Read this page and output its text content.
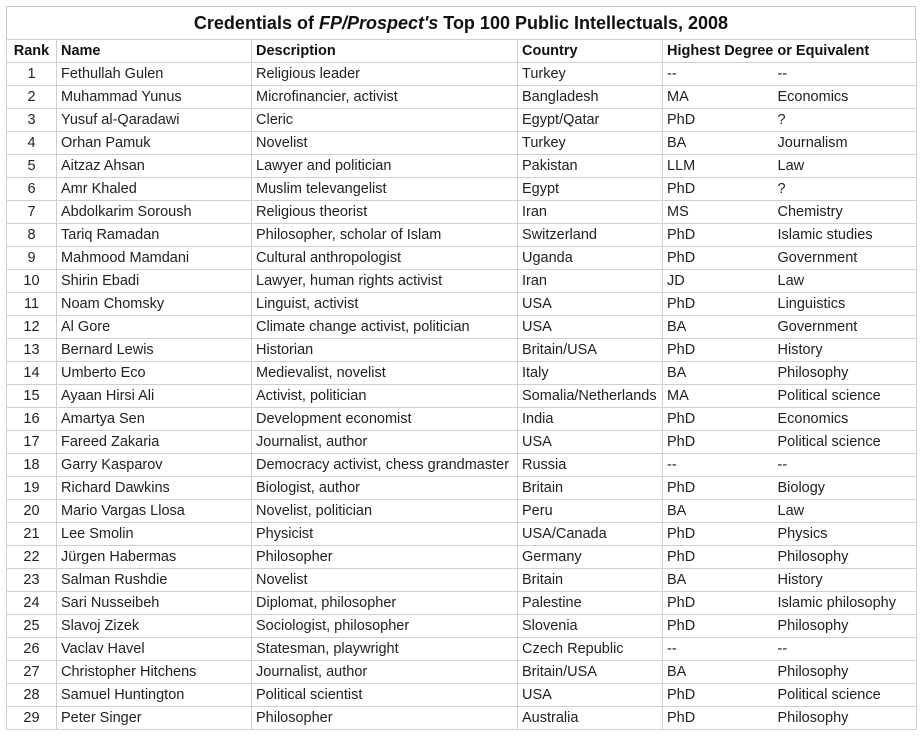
Credentials of FP/Prospect's Top 100 Public Intellectuals, 2008
Rank	Name	Description	Country	Highest Degree or Equivalent	
1	Fethullah Gulen	Religious leader	Turkey	--	--
2	Muhammad Yunus	Microfinancier, activist	Bangladesh	MA	Economics
3	Yusuf al-Qaradawi	Cleric	Egypt/Qatar	PhD	?
4	Orhan Pamuk	Novelist	Turkey	BA	Journalism
5	Aitzaz Ahsan	Lawyer and politician	Pakistan	LLM	Law
6	Amr Khaled	Muslim televangelist	Egypt	PhD	?
7	Abdolkarim Soroush	Religious theorist	Iran	MS	Chemistry
8	Tariq Ramadan	Philosopher, scholar of Islam	Switzerland	PhD	Islamic studies
9	Mahmood Mamdani	Cultural anthropologist	Uganda	PhD	Government
10	Shirin Ebadi	Lawyer, human rights activist	Iran	JD	Law
11	Noam Chomsky	Linguist, activist	USA	PhD	Linguistics
12	Al Gore	Climate change activist, politician	USA	BA	Government
13	Bernard Lewis	Historian	Britain/USA	PhD	History
14	Umberto Eco	Medievalist, novelist	Italy	BA	Philosophy
15	Ayaan Hirsi Ali	Activist, politician	Somalia/Netherlands	MA	Political science
16	Amartya Sen	Development economist	India	PhD	Economics
17	Fareed Zakaria	Journalist, author	USA	PhD	Political science
18	Garry Kasparov	Democracy activist, chess grandmaster	Russia	--	--
19	Richard Dawkins	Biologist, author	Britain	PhD	Biology
20	Mario Vargas Llosa	Novelist, politician	Peru	BA	Law
21	Lee Smolin	Physicist	USA/Canada	PhD	Physics
22	Jürgen Habermas	Philosopher	Germany	PhD	Philosophy
23	Salman Rushdie	Novelist	Britain	BA	History
24	Sari Nusseibeh	Diplomat, philosopher	Palestine	PhD	Islamic philosophy
25	Slavoj Zizek	Sociologist, philosopher	Slovenia	PhD	Philosophy
26	Vaclav Havel	Statesman, playwright	Czech Republic	--	--
27	Christopher Hitchens	Journalist, author	Britain/USA	BA	Philosophy
28	Samuel Huntington	Political scientist	USA	PhD	Political science
29	Peter Singer	Philosopher	Australia	PhD	Philosophy
